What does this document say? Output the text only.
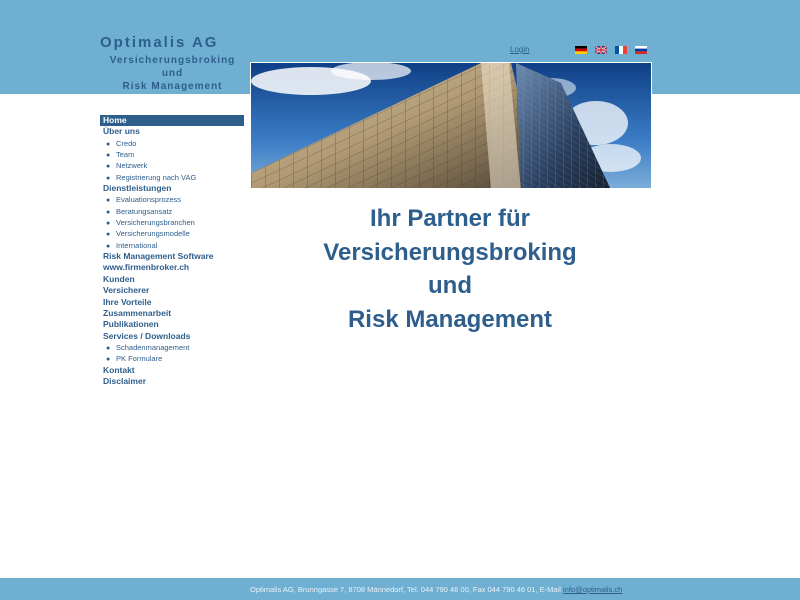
Optimalis AG
Versicherungsbroking
und
Risk Management
Login
Home
Über uns
● Credo
● Team
● Netzwerk
● Registrierung nach VAG
Dienstleistungen
● Evaluationsprozess
● Beratungsansatz
● Versicherungsbranchen
● Versicherungsmodelle
● International
Risk Management Software
www.firmenbroker.ch
Kunden
Versicherer
Ihre Vorteile
Zusammenarbeit
Publikationen
Services / Downloads
● Schadenmanagement
● PK Formulare
Kontakt
Disclaimer
Ihr Partner für
Versicherungsbroking
und
Risk Management
Optimalis AG, Brunngasse 7, 8708 Männedorf, Tel. 044 790 46 00, Fax 044 790 46 01, E-Mail info@optimalis.ch
